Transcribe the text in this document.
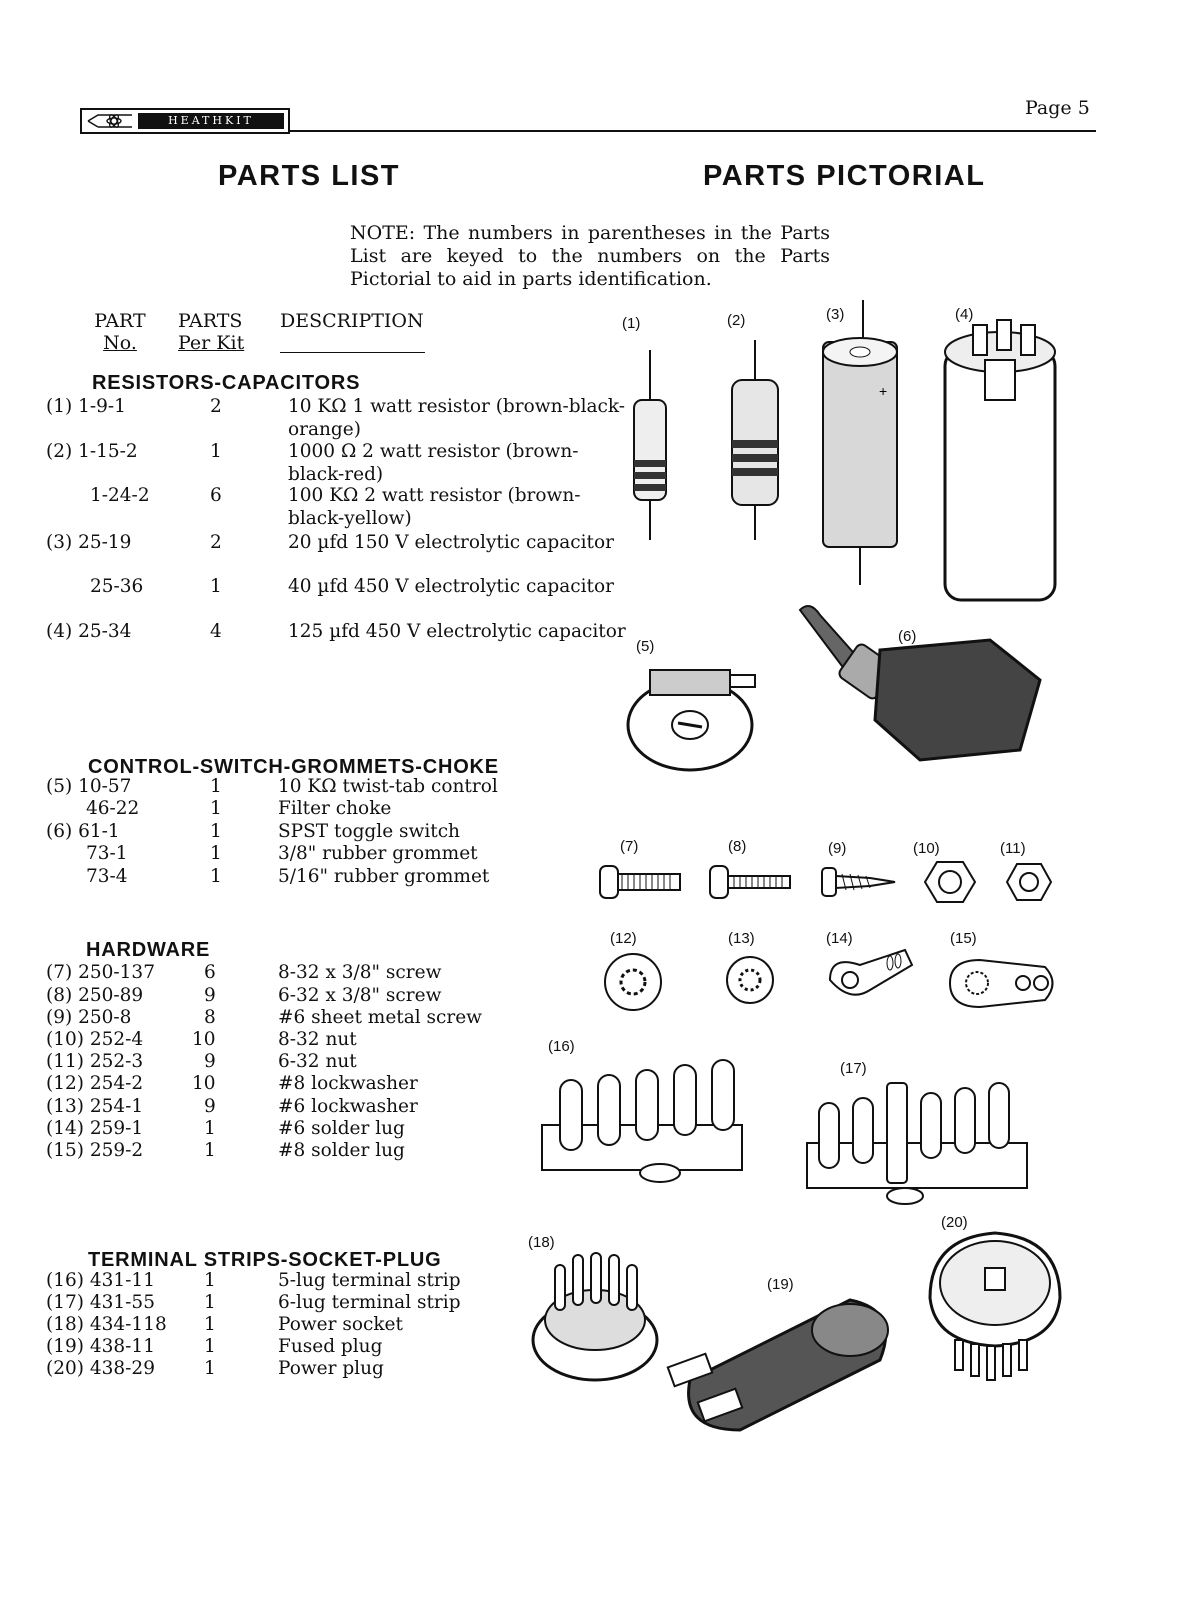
HEATHKIT
Page 5
PARTS LIST	PARTS PICTORIAL
NOTE: The numbers in parentheses in the Parts List are keyed to the numbers on the Parts Pictorial to aid in parts identification.
PART
No.
PARTS
Per Kit
DESCRIPTION
RESISTORS-CAPACITORS
(1) 1-9-1	2	10 KΩ 1 watt resistor (brown-black-orange)
(2) 1-15-2	1	1000 Ω 2 watt resistor (brown-black-red)
1-24-2	6	100 KΩ 2 watt resistor (brown-black-yellow)
(3) 25-19	2	20 µfd 150 V electrolytic capacitor
25-36	1	40 µfd 450 V electrolytic capacitor
(4) 25-34	4	125 µfd 450 V electrolytic capacitor
CONTROL-SWITCH-GROMMETS-CHOKE
(5) 10-57	1	10 KΩ twist-tab control
46-22	1	Filter choke
(6) 61-1	1	SPST toggle switch
73-1	1	3/8" rubber grommet
73-4	1	5/16" rubber grommet
HARDWARE
(7) 250-137	6	8-32 x 3/8" screw
(8) 250-89	9	6-32 x 3/8" screw
(9) 250-8	8	#6 sheet metal screw
(10) 252-4	10	8-32 nut
(11) 252-3	9	6-32 nut
(12) 254-2	10	#8 lockwasher
(13) 254-1	9	#6 lockwasher
(14) 259-1	1	#6 solder lug
(15) 259-2	1	#8 solder lug
TERMINAL STRIPS-SOCKET-PLUG
(16) 431-11	1	5-lug terminal strip
(17) 431-55	1	6-lug terminal strip
(18) 434-118 1	Power socket
(19) 438-11	1	Fused plug
(20) 438-29	1	Power plug
(1)	(2)	(3)	(4)
(5)
(6)
(7)	(8)	(9)	(10)	(11)
(12)	(13)	(14)	(15)
(16)
(17)
(18)
(19)
(20)
+
